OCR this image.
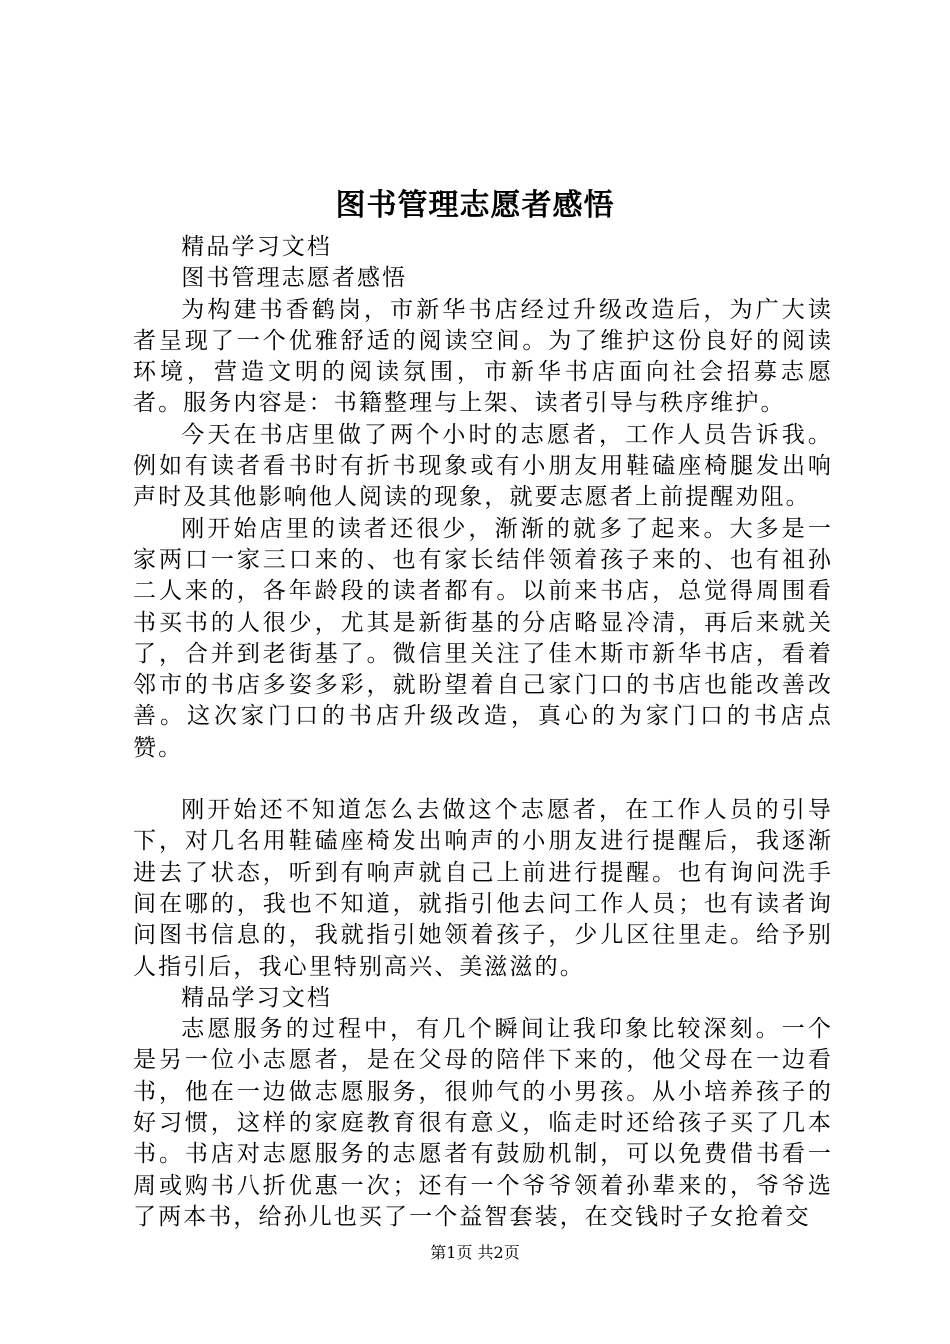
图书管理志愿者感悟

精品学习文档

图书管理志愿者感悟

为构建书香鹤岗，市新华书店经过升级改造后，为广大读者呈现了一个优雅舒适的阅读空间。为了维护这份良好的阅读环境，营造文明的阅读氛围，市新华书店面向社会招募志愿者。服务内容是：书籍整理与上架、读者引导与秩序维护。

今天在书店里做了两个小时的志愿者，工作人员告诉我。例如有读者看书时有折书现象或有小朋友用鞋磕座椅腿发出响声时及其他影响他人阅读的现象，就要志愿者上前提醒劝阻。

刚开始店里的读者还很少，渐渐的就多了起来。大多是一家两口一家三口来的、也有家长结伴领着孩子来的、也有祖孙二人来的，各年龄段的读者都有。以前来书店，总觉得周围看书买书的人很少，尤其是新街基的分店略显冷清，再后来就关了，合并到老街基了。微信里关注了佳木斯市新华书店，看着邻市的书店多姿多彩，就盼望着自己家门口的书店也能改善改善。这次家门口的书店升级改造，真心的为家门口的书店点赞。

刚开始还不知道怎么去做这个志愿者，在工作人员的引导下，对几名用鞋磕座椅发出响声的小朋友进行提醒后，我逐渐进去了状态，听到有响声就自己上前进行提醒。也有询问洗手间在哪的，我也不知道，就指引他去问工作人员；也有读者询问图书信息的，我就指引她领着孩子，少儿区往里走。给予别人指引后，我心里特别高兴、美滋滋的。

精品学习文档

志愿服务的过程中，有几个瞬间让我印象比较深刻。一个是另一位小志愿者，是在父母的陪伴下来的，他父母在一边看书，他在一边做志愿服务，很帅气的小男孩。从小培养孩子的好习惯，这样的家庭教育很有意义，临走时还给孩子买了几本书。书店对志愿服务的志愿者有鼓励机制，可以免费借书看一周或购书八折优惠一次；还有一个爷爷领着孙辈来的，爷爷选了两本书，给孙儿也买了一个益智套装，在交钱时子女抢着交

第1页 共2页
